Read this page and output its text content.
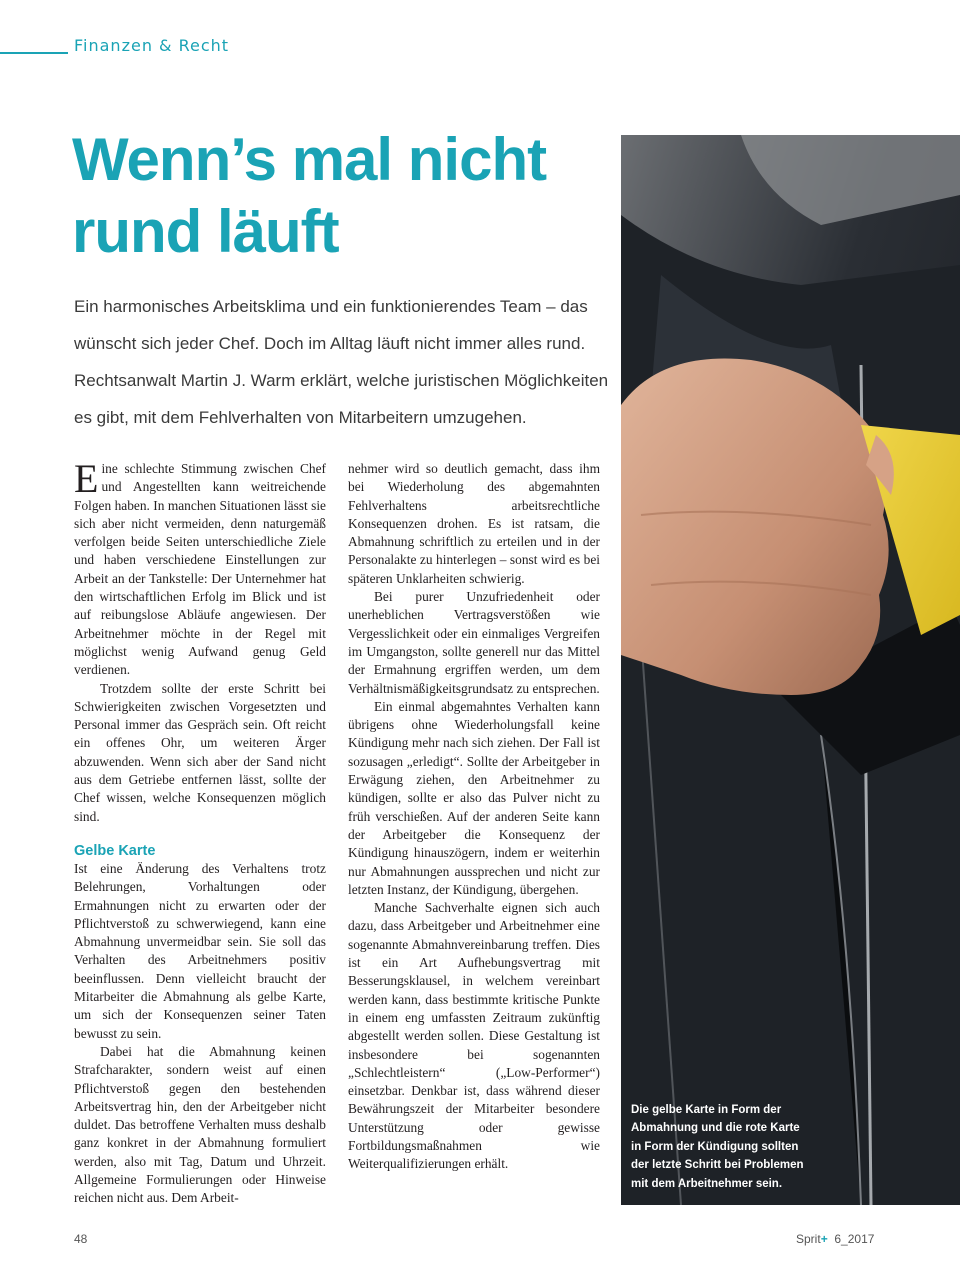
Finanzen & Recht
Wenn’s mal nicht
rund läuft

Ein harmonisches Arbeitsklima und ein funktionierendes Team – das
wünscht sich jeder Chef. Doch im Alltag läuft nicht immer alles rund.
Rechtsanwalt Martin J. Warm erklärt, welche juristischen Möglichkeiten
es gibt, mit dem Fehlverhalten von Mitarbeitern umzugehen.

Eine schlechte Stimmung zwischen Chef und Angestellten kann weitreichende Folgen haben. In manchen Situationen lässt sie sich aber nicht vermeiden, denn naturgemäß verfolgen beide Seiten unterschiedliche Ziele und haben verschiedene Einstellungen zur Arbeit an der Tankstelle: Der Unternehmer hat den wirtschaftlichen Erfolg im Blick und ist auf reibungslose Abläufe angewiesen. Der Arbeitnehmer möchte in der Regel mit möglichst wenig Aufwand genug Geld verdienen.

Trotzdem sollte der erste Schritt bei Schwierigkeiten zwischen Vorgesetzten und Personal immer das Gespräch sein. Oft reicht ein offenes Ohr, um weiteren Ärger abzuwenden. Wenn sich aber der Sand nicht aus dem Getriebe entfernen lässt, sollte der Chef wissen, welche Konsequenzen möglich sind.

Gelbe Karte

Ist eine Änderung des Verhaltens trotz Belehrungen, Vorhaltungen oder Ermahnungen nicht zu erwarten oder der Pflichtverstoß zu schwerwiegend, kann eine Abmahnung unvermeidbar sein. Sie soll das Verhalten des Arbeitnehmers positiv beeinflussen. Denn vielleicht braucht der Mitarbeiter die Abmahnung als gelbe Karte, um sich der Konsequenzen seiner Taten bewusst zu sein.

Dabei hat die Abmahnung keinen Strafcharakter, sondern weist auf einen Pflichtverstoß gegen den bestehenden Arbeitsvertrag hin, den der Arbeitgeber nicht duldet. Das betroffene Verhalten muss deshalb ganz konkret in der Abmahnung formuliert werden, also mit Tag, Datum und Uhrzeit. Allgemeine Formulierungen oder Hinweise reichen nicht aus. Dem Arbeit-

nehmer wird so deutlich gemacht, dass ihm bei Wiederholung des abgemahnten Fehlverhaltens arbeitsrechtliche Konsequenzen drohen. Es ist ratsam, die Abmahnung schriftlich zu erteilen und in der Personalakte zu hinterlegen – sonst wird es bei späteren Unklarheiten schwierig.

Bei purer Unzufriedenheit oder unerheblichen Vertragsverstößen wie Vergesslichkeit oder ein einmaliges Vergreifen im Umgangston, sollte generell nur das Mittel der Ermahnung ergriffen werden, um dem Verhältnismäßigkeitsgrundsatz zu entsprechen.

Ein einmal abgemahntes Verhalten kann übrigens ohne Wiederholungsfall keine Kündigung mehr nach sich ziehen. Der Fall ist sozusagen „erledigt“. Sollte der Arbeitgeber in Erwägung ziehen, den Arbeitnehmer zu kündigen, sollte er also das Pulver nicht zu früh verschießen. Auf der anderen Seite kann der Arbeitgeber die Konsequenz der Kündigung hinauszögern, indem er weiterhin nur Abmahnungen aussprechen und nicht zur letzten Instanz, der Kündigung, übergehen.

Manche Sachverhalte eignen sich auch dazu, dass Arbeitgeber und Arbeitnehmer eine sogenannte Abmahnvereinbarung treffen. Dies ist ein Art Aufhebungsvertrag mit Besserungsklausel, in welchem vereinbart werden kann, dass bestimmte kritische Punkte in einem eng umfassten Zeitraum zukünftig abgestellt werden sollen. Diese Gestaltung ist insbesondere bei sogenannten „Schlechtleistern“ („Low-Performer“) einsetzbar. Denkbar ist, dass während dieser Bewährungszeit der Mitarbeiter besondere Unterstützung oder gewisse Fortbildungsmaßnahmen wie Weiterqualifizierungen erhält.

Die gelbe Karte in Form der
Abmahnung und die rote Karte
in Form der Kündigung sollten
der letzte Schritt bei Problemen
mit dem Arbeitnehmer sein.

48	Sprit+ 6_2017
